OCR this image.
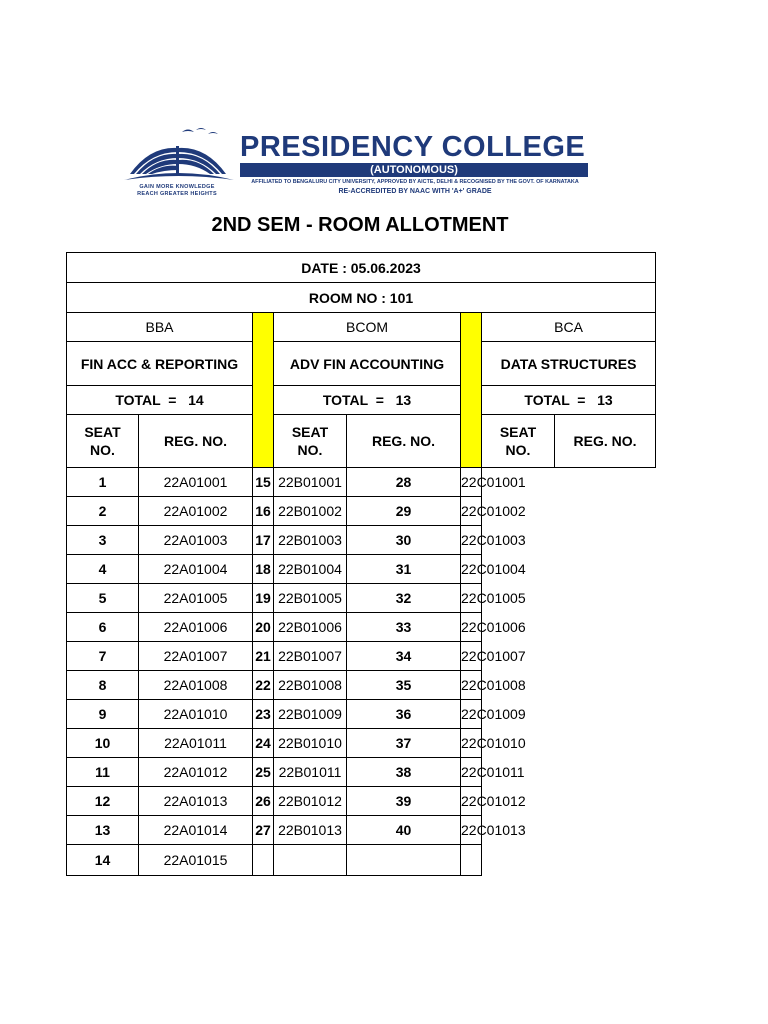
GAIN MORE KNOWLEDGE
REACH GREATER HEIGHTS
PRESIDENCY COLLEGE
(AUTONOMOUS)
AFFILIATED TO BENGALURU CITY UNIVERSITY, APPROVED BY AICTE, DELHI & RECOGNISED BY THE GOVT. OF KARNATAKA
RE-ACCREDITED BY NAAC WITH 'A+' GRADE
2ND SEM - ROOM ALLOTMENT
DATE : 05.06.2023							
ROOM NO : 101							
BBA			BCOM			BCA	
FIN ACC & REPORTING			ADV FIN ACCOUNTING			DATA STRUCTURES	
TOTAL  =   14			TOTAL  =   13			TOTAL  =   13	
SEAT NO.	REG. NO.		SEAT NO.	REG. NO.		SEAT NO.	REG. NO.
1	22A01001	15	22B01001	28	22C01001		
2	22A01002	16	22B01002	29	22C01002		
3	22A01003	17	22B01003	30	22C01003		
4	22A01004	18	22B01004	31	22C01004		
5	22A01005	19	22B01005	32	22C01005		
6	22A01006	20	22B01006	33	22C01006		
7	22A01007	21	22B01007	34	22C01007		
8	22A01008	22	22B01008	35	22C01008		
9	22A01010	23	22B01009	36	22C01009		
10	22A01011	24	22B01010	37	22C01010		
11	22A01012	25	22B01011	38	22C01011		
12	22A01013	26	22B01012	39	22C01012		
13	22A01014	27	22B01013	40	22C01013		
14	22A01015						
